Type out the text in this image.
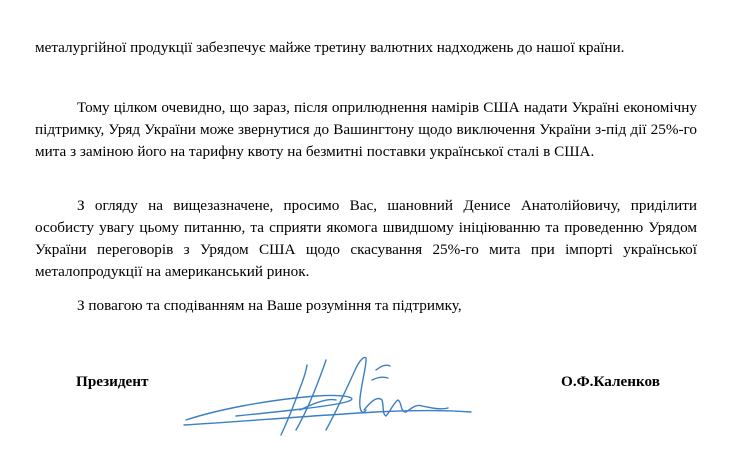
металургійної продукції забезпечує майже третину валютних надходжень до нашої країни.

Тому цілком очевидно, що зараз, після оприлюднення намірів США надати Україні економічну підтримку, Уряд України може звернутися до Вашингтону щодо виключення України з-під дії 25%-го мита з заміною його на тарифну квоту на безмитні поставки української сталі в США.

З огляду на вищезазначене, просимо Вас, шановний Денисе Анатолійовичу, приділити особисту увагу цьому питанню, та сприяти якомога швидшому ініціюванню та проведенню Урядом України переговорів з Урядом США щодо скасування 25%-го мита при імпорті української металопродукції на американський ринок.

З повагою та сподіванням на Ваше розуміння та підтримку,

Президент	О.Ф.Каленков
